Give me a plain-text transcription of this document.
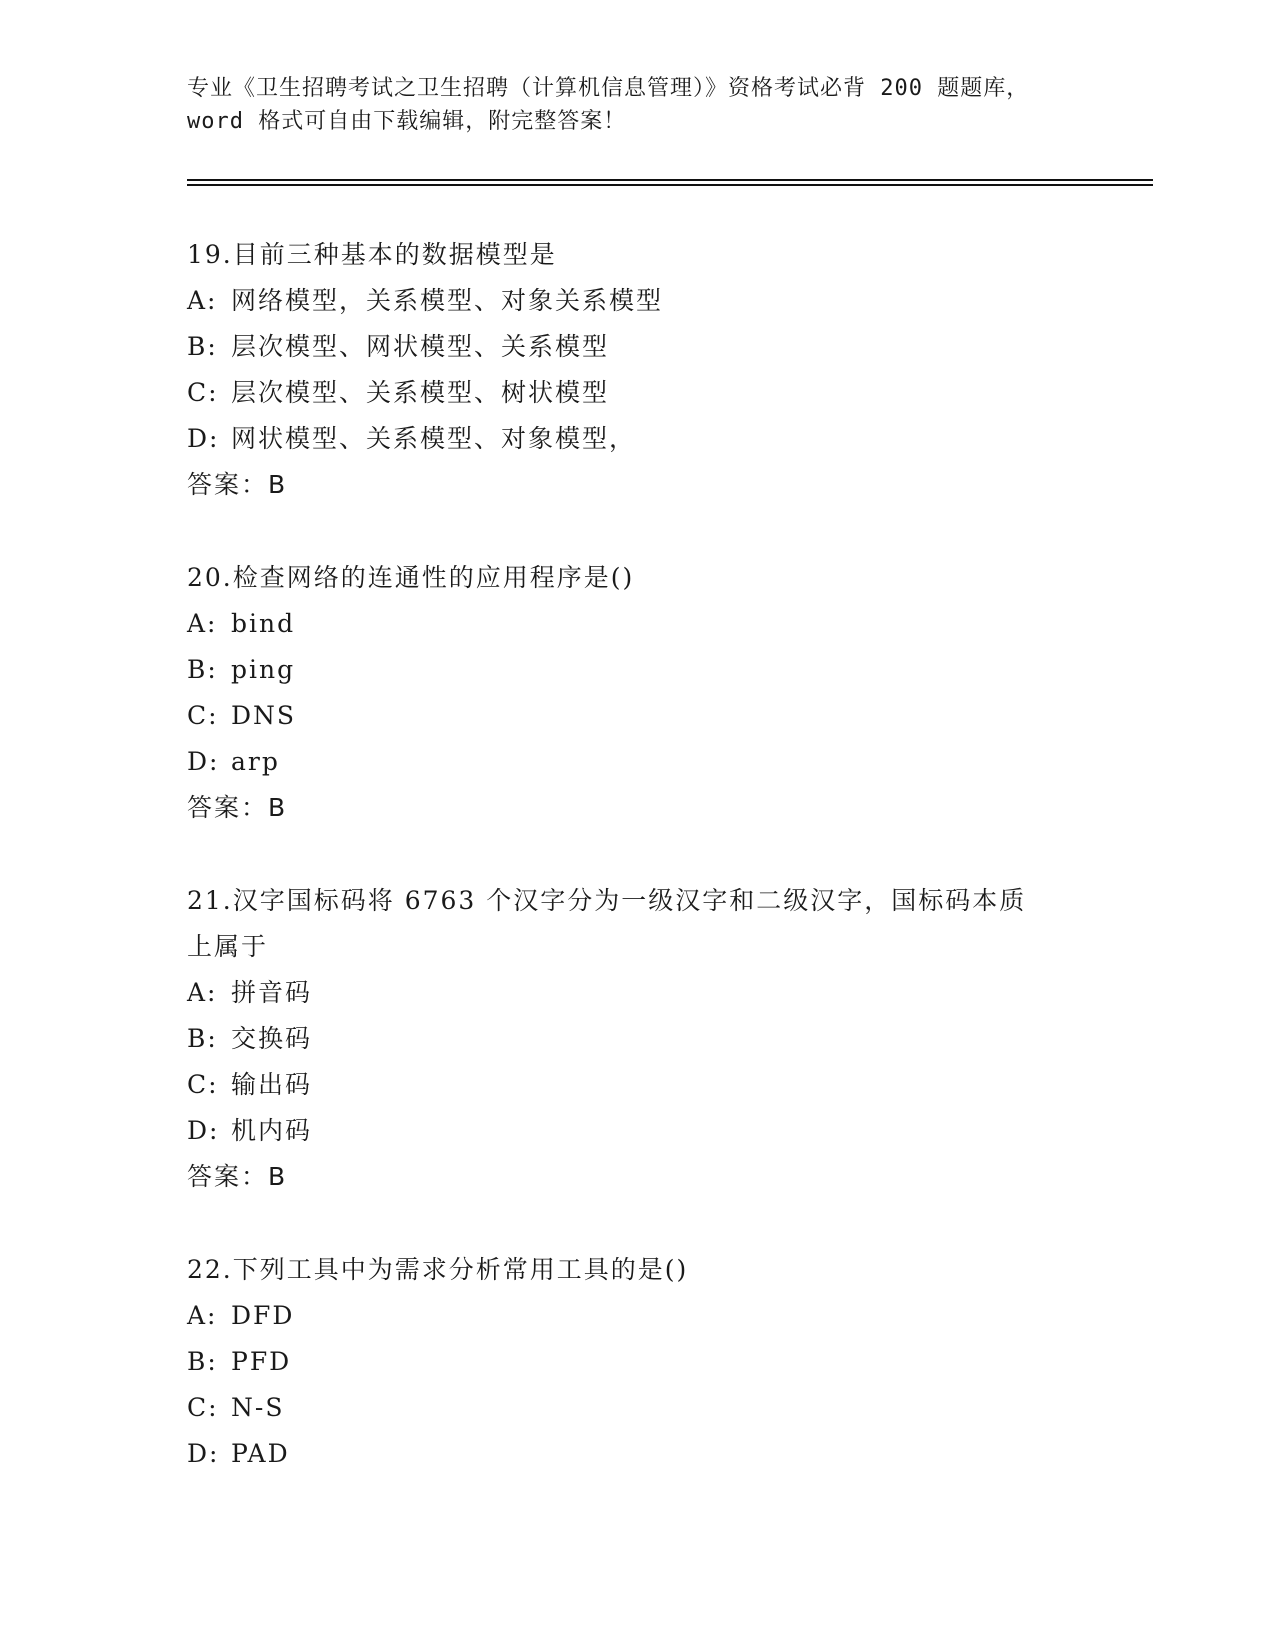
专业《卫生招聘考试之卫生招聘（计算机信息管理）》资格考试必背 200 题题库，
word 格式可自由下载编辑，附完整答案！
19.目前三种基本的数据模型是
A: 网络模型，关系模型、对象关系模型
B: 层次模型、网状模型、关系模型
C: 层次模型、关系模型、树状模型
D: 网状模型、关系模型、对象模型，
答案：B
20.检查网络的连通性的应用程序是()
A: bind
B: ping
C: DNS
D: arp
答案：B
21.汉字国标码将 6763 个汉字分为一级汉字和二级汉字，国标码本质
上属于
A: 拼音码
B: 交换码
C: 输出码
D: 机内码
答案：B
22.下列工具中为需求分析常用工具的是()
A: DFD
B: PFD
C: N-S
D: PAD
